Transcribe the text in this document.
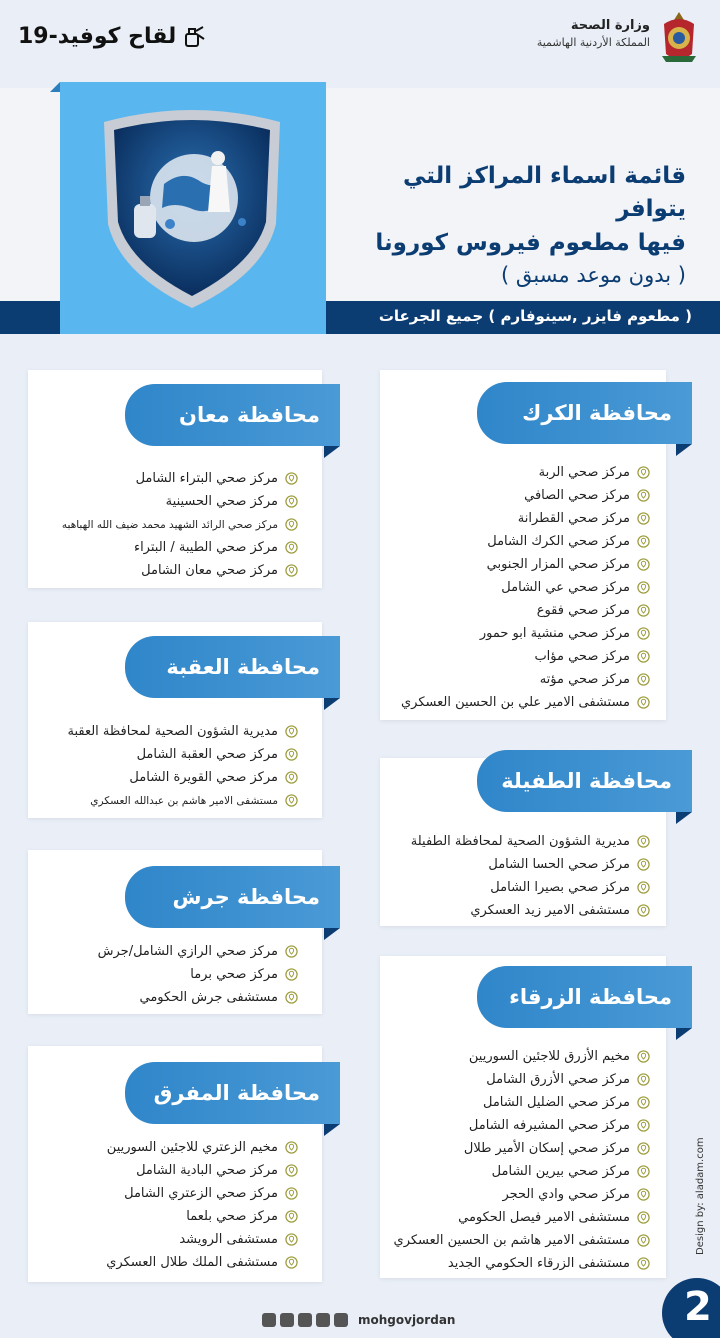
وزارة الصحة
المملكة الأردنية الهاشمية
لقاح كوفيد-19
( مطعوم فايزر ,سينوفارم ) جميع الجرعات
قائمة اسماء المراكز التي يتوافر
فيها مطعوم فيروس كورونا
( بدون موعد مسبق )
محافظة الكرك
مركز صحي الربة
مركز صحي الصافي
مركز صحي القطرانة
مركز صحي الكرك الشامل
مركز صحي المزار الجنوبي
مركز صحي عي الشامل
مركز صحي فقوع
مركز صحي منشية ابو حمور
مركز صحي مؤاب
مركز صحي مؤته
مستشفى الامير علي بن الحسين العسكري
محافظة معان
مركز صحي البتراء الشامل
مركز صحي الحسينية
مركز صحي الرائد الشهيد محمد ضيف الله الهباهبه
مركز صحي الطيبة / البتراء
مركز صحي معان الشامل
محافظة العقبة
مديرية الشؤون الصحية لمحافظة العقبة
مركز صحي العقبة الشامل
مركز صحي القويرة الشامل
مستشفى الامير هاشم بن عبدالله العسكري
محافظة الطفيلة
مديرية الشؤون الصحية لمحافظة الطفيلة
مركز صحي الحسا الشامل
مركز صحي بصيرا الشامل
مستشفى الامير زيد العسكري
محافظة جرش
مركز صحي الرازي الشامل/جرش
مركز صحي برما
مستشفى جرش الحكومي	محافظة الزرقاء
مخيم الأزرق للاجئين السوريين
مركز صحي الأزرق الشامل
مركز صحي الضليل الشامل
مركز صحي المشيرفه الشامل
مركز صحي إسكان الأمير طلال
مركز صحي بيرين الشامل
مركز صحي وادي الحجر
مستشفى الامير فيصل الحكومي
مستشفى الامير هاشم بن الحسين العسكري
مستشفى الزرقاء الحكومي الجديد
محافظة المفرق
مخيم الزعتري للاجئين السوريين
مركز صحي البادية الشامل
مركز صحي الزعتري الشامل
مركز صحي بلعما
مستشفى الرويشد
مستشفى الملك طلال العسكري
mohgovjordan
Design by: aladam.com
2
